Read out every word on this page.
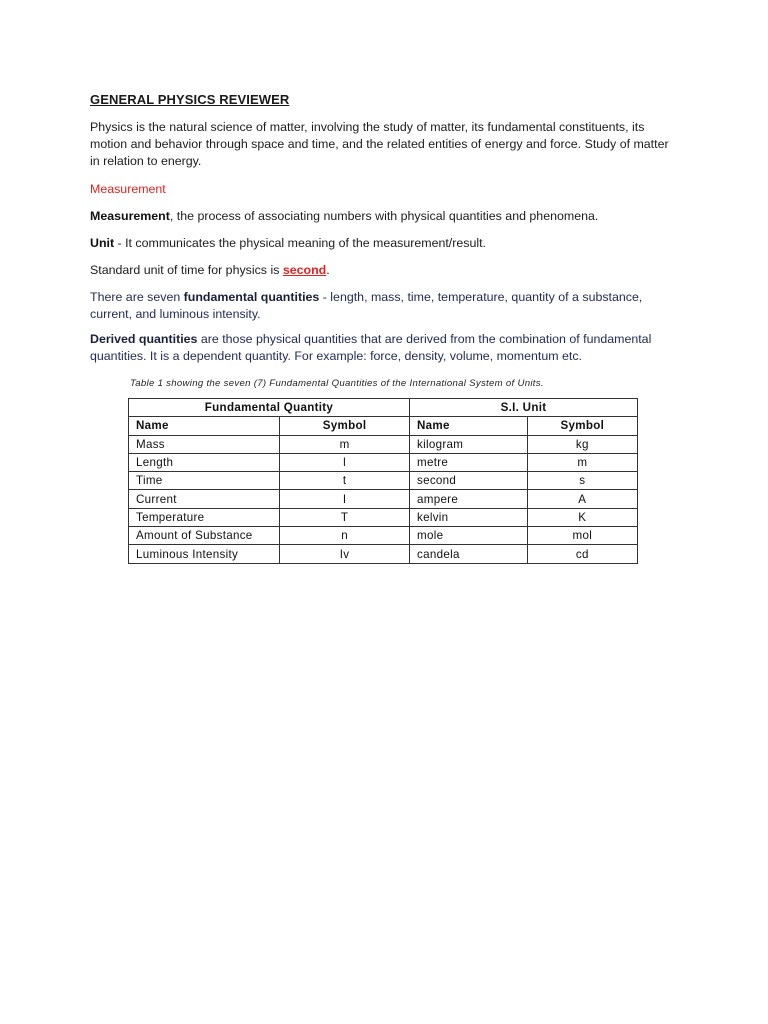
GENERAL PHYSICS REVIEWER
Physics is the natural science of matter, involving the study of matter, its fundamental constituents, its motion and behavior through space and time, and the related entities of energy and force. Study of matter in relation to energy.
Measurement
Measurement, the process of associating numbers with physical quantities and phenomena.
Unit - It communicates the physical meaning of the measurement/result.
Standard unit of time for physics is second.
There are seven fundamental quantities - length, mass, time, temperature, quantity of a substance, current, and luminous intensity.
Derived quantities are those physical quantities that are derived from the combination of fundamental quantities. It is a dependent quantity. For example: force, density, volume, momentum etc.
Table 1 showing the seven (7) Fundamental Quantities of the International System of Units.
Fundamental Quantity		S.I. Unit	
Name	Symbol	Name	Symbol
Mass	m	kilogram	kg
Length	l	metre	m
Time	t	second	s
Current	I	ampere	A
Temperature	T	kelvin	K
Amount of Substance	n	mole	mol
Luminous Intensity	Iv	candela	cd
